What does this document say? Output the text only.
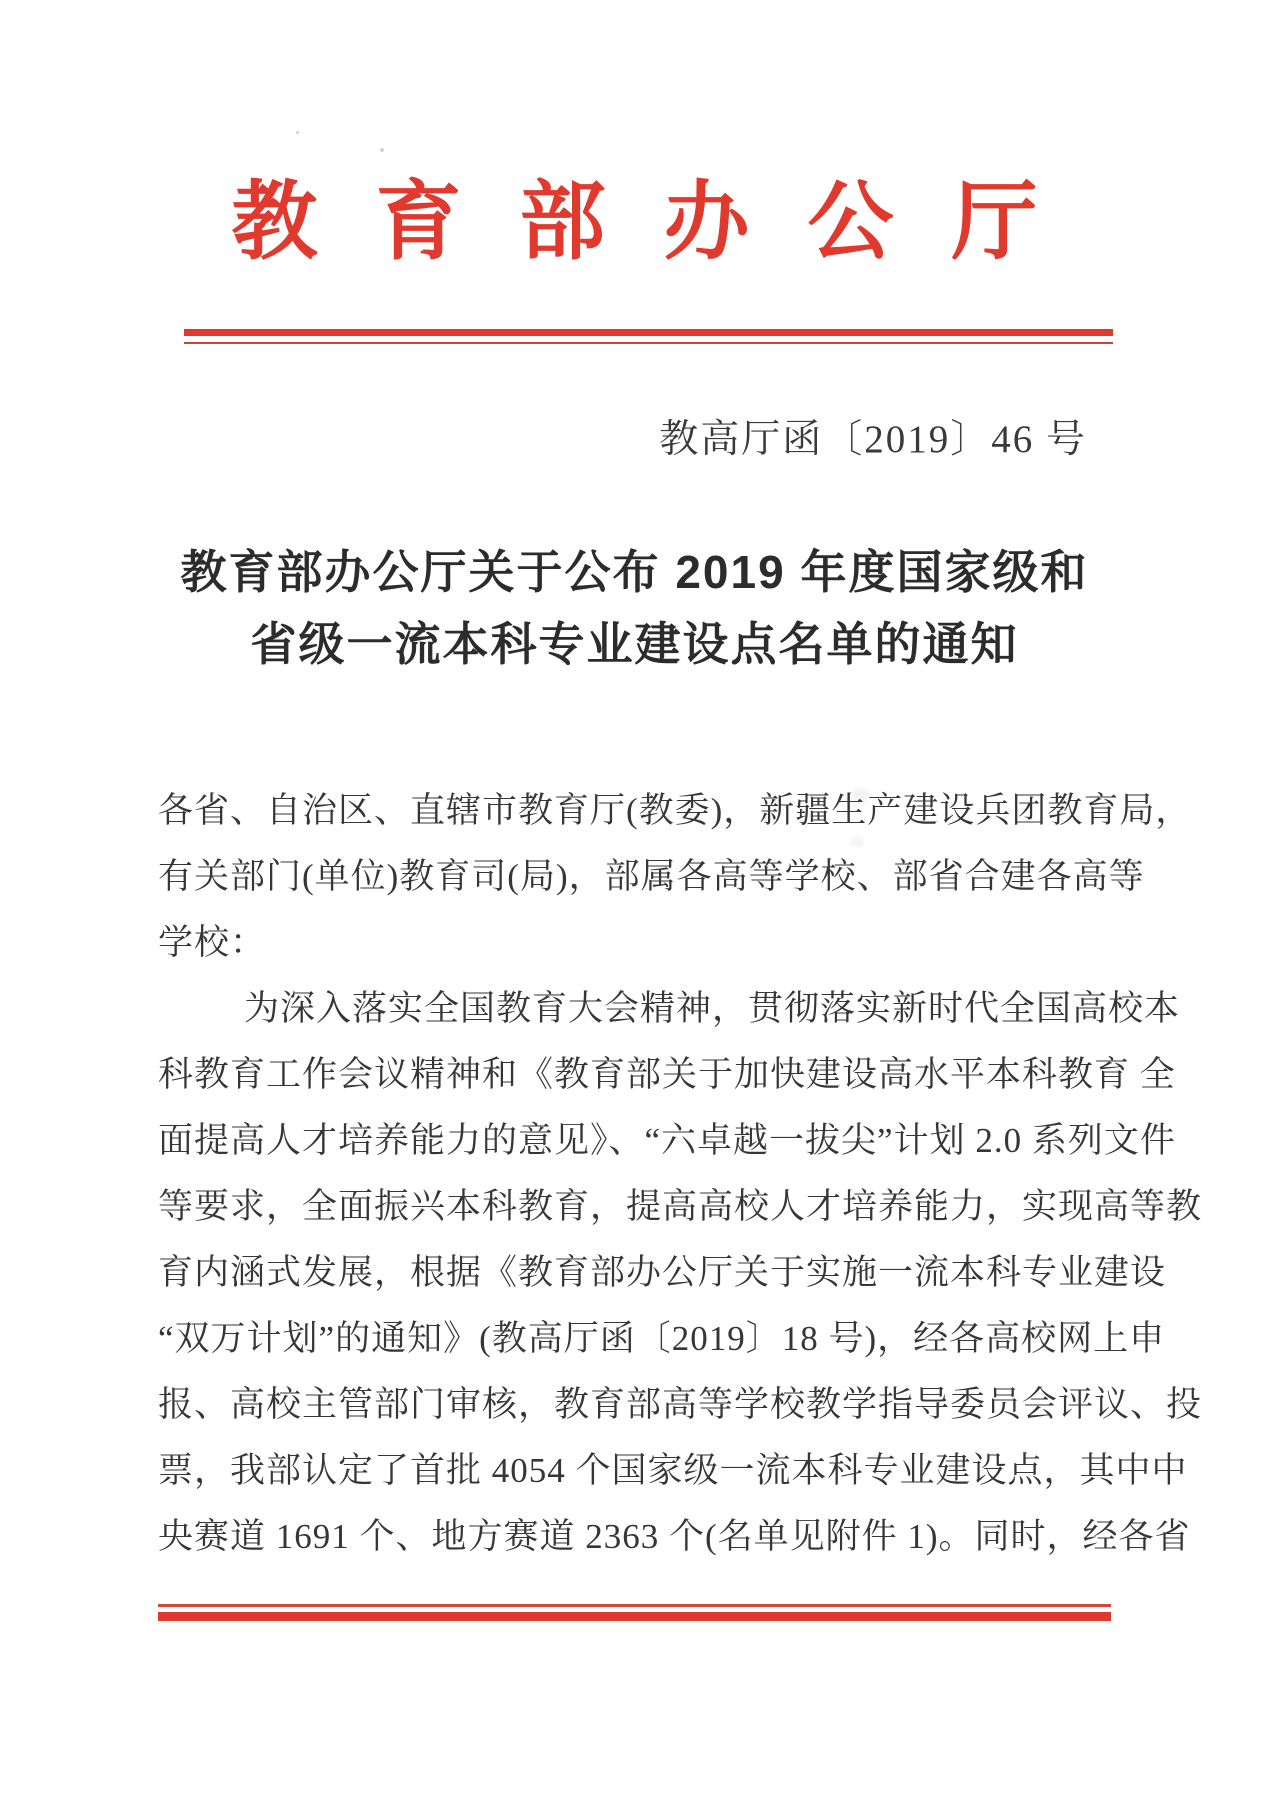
教育部办公厅
教高厅函〔2019〕46 号
教育部办公厅关于公布 2019 年度国家级和
省级一流本科专业建设点名单的通知
各省、自治区、直辖市教育厅(教委)，新疆生产建设兵团教育局，
有关部门(单位)教育司(局)，部属各高等学校、部省合建各高等
学校：
为深入落实全国教育大会精神，贯彻落实新时代全国高校本
科教育工作会议精神和《教育部关于加快建设高水平本科教育 全
面提高人才培养能力的意见》、“六卓越一拔尖”计划 2.0 系列文件
等要求，全面振兴本科教育，提高高校人才培养能力，实现高等教
育内涵式发展，根据《教育部办公厅关于实施一流本科专业建设
“双万计划”的通知》(教高厅函〔2019〕18 号)，经各高校网上申
报、高校主管部门审核，教育部高等学校教学指导委员会评议、投
票，我部认定了首批 4054 个国家级一流本科专业建设点，其中中
央赛道 1691 个、地方赛道 2363 个(名单见附件 1)。同时，经各省
